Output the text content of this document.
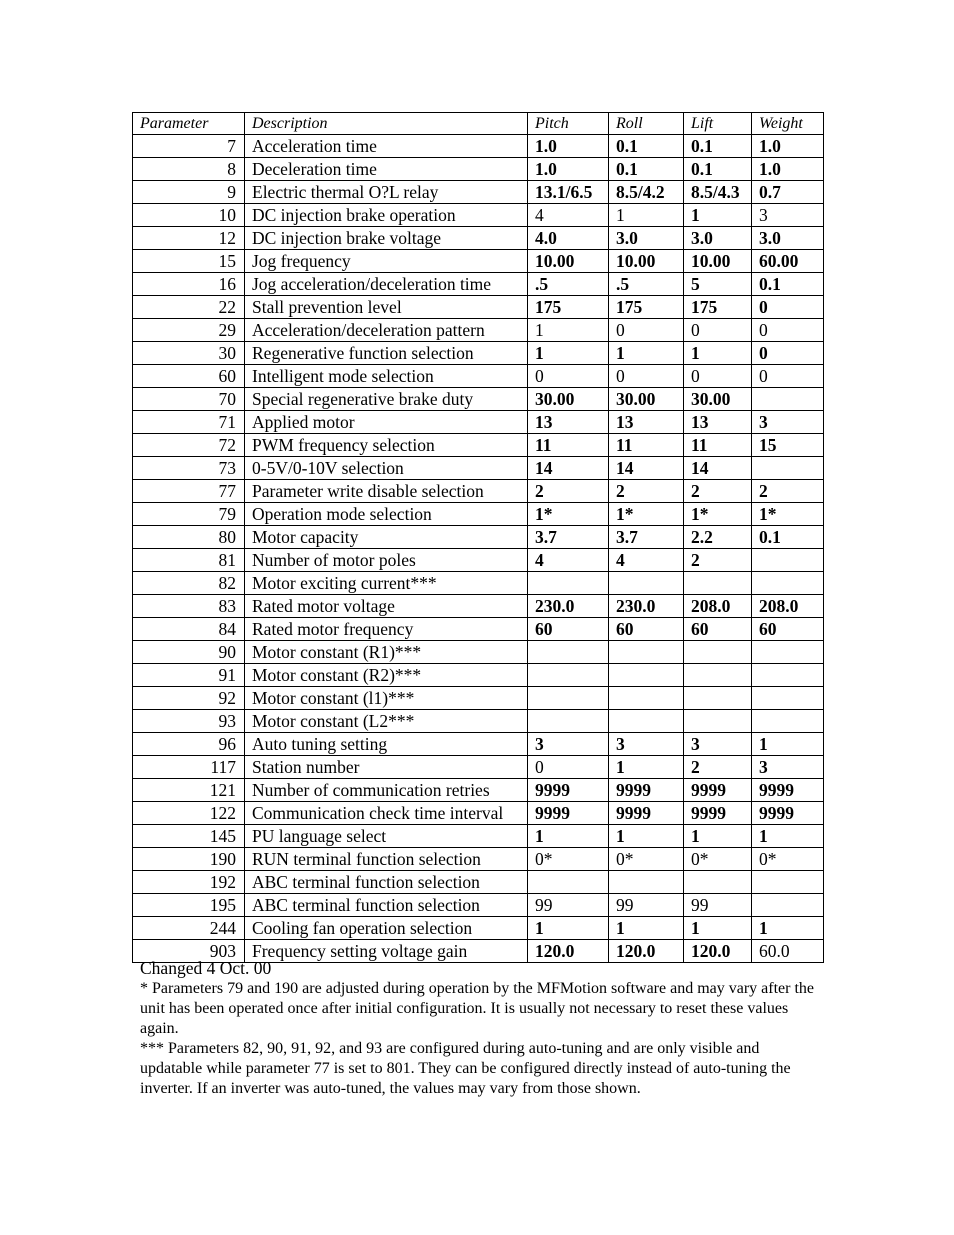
Parameter	Description	Pitch	Roll	Lift	Weight
7	Acceleration time	1.0	0.1	0.1	1.0
8	Deceleration time	1.0	0.1	0.1	1.0
9	Electric thermal O?L relay	13.1/6.5	8.5/4.2	8.5/4.3	0.7
10	DC injection brake operation	4	1	1	3
12	DC injection brake voltage	4.0	3.0	3.0	3.0
15	Jog frequency	10.00	10.00	10.00	60.00
16	Jog acceleration/deceleration time	.5	.5	5	0.1
22	Stall prevention level	175	175	175	0
29	Acceleration/deceleration pattern	1	0	0	0
30	Regenerative function selection	1	1	1	0
60	Intelligent mode selection	0	0	0	0
70	Special regenerative brake duty	30.00	30.00	30.00	
71	Applied motor	13	13	13	3
72	PWM frequency selection	11	11	11	15
73	0-5V/0-10V selection	14	14	14	
77	Parameter write disable selection	2	2	2	2
79	Operation mode selection	1*	1*	1*	1*
80	Motor capacity	3.7	3.7	2.2	0.1
81	Number of motor poles	4	4	2	
82	Motor exciting current***				
83	Rated motor voltage	230.0	230.0	208.0	208.0
84	Rated motor frequency	60	60	60	60
90	Motor constant (R1)***				
91	Motor constant (R2)***				
92	Motor constant (l1)***				
93	Motor constant (L2***				
96	Auto tuning setting	3	3	3	1
117	Station number	0	1	2	3
121	Number of communication retries	9999	9999	9999	9999
122	Communication check time interval	9999	9999	9999	9999
145	PU language select	1	1	1	1
190	RUN terminal function selection	0*	0*	0*	0*
192	ABC terminal function selection				
195	ABC terminal function selection	99	99	99	
244	Cooling fan operation selection	1	1	1	1
903	Frequency setting voltage gain	120.0	120.0	120.0	60.0
Changed 4 Oct. 00

* Parameters 79 and 190 are adjusted during operation by the MFMotion software and may vary after the unit has been operated once after initial configuration. It is usually not necessary to reset these values again.

*** Parameters 82, 90, 91, 92, and 93 are configured during auto-tuning and are only visible and updatable while parameter 77 is set to 801. They can be configured directly instead of auto-tuning the inverter. If an inverter was auto-tuned, the values may vary from those shown.
